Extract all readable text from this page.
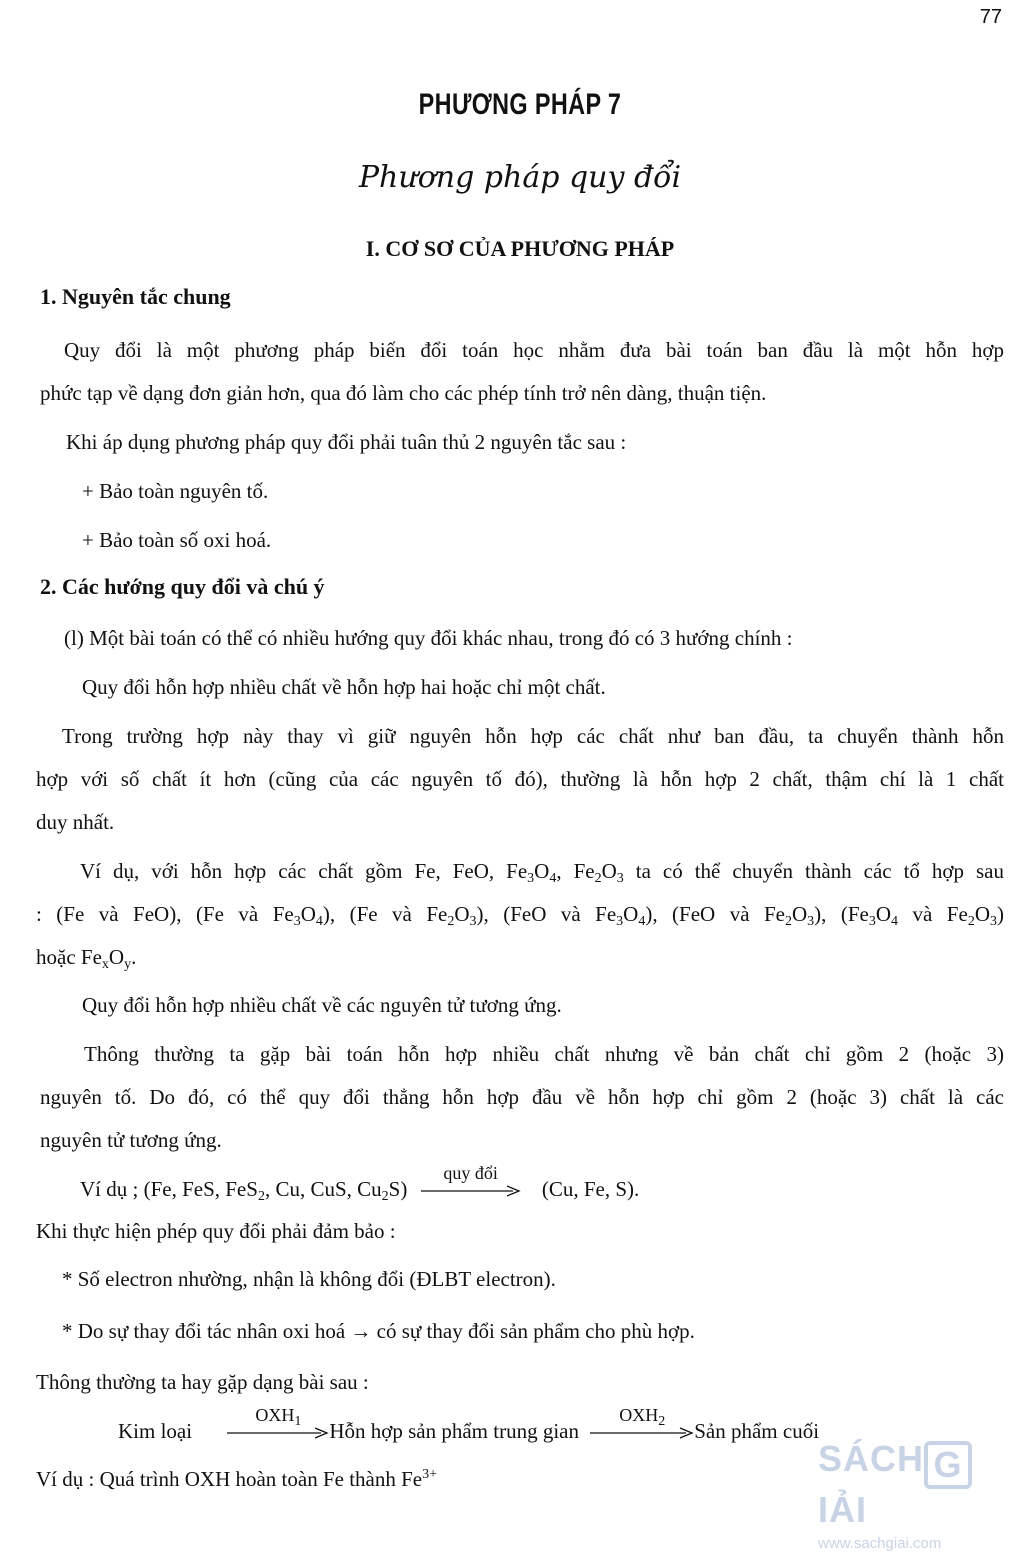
77
PHƯƠNG PHÁP 7
Phương pháp quy đổi
I. CƠ SƠ CỦA PHƯƠNG PHÁP
1. Nguyên tắc chung
Quy đổi là một phương pháp biến đổi toán học nhằm đưa bài toán ban đầu là một hỗn hợp
phức tạp về dạng đơn giản hơn, qua đó làm cho các phép tính trở nên dàng, thuận tiện.
Khi áp dụng phương pháp quy đổi phải tuân thủ 2 nguyên tắc sau :
+ Bảo toàn nguyên tố.
+ Bảo toàn số oxi hoá.
2. Các hướng quy đổi và chú ý
(l) Một bài toán có thể có nhiều hướng quy đổi khác nhau, trong đó có 3 hướng chính :
Quy đổi hỗn hợp nhiều chất về hỗn hợp hai hoặc chỉ một chất.
Trong trường hợp này thay vì giữ nguyên hỗn hợp các chất như ban đầu, ta chuyển thành hỗn
hợp với số chất ít hơn (cũng của các nguyên tố đó), thường là hỗn hợp 2 chất, thậm chí là 1 chất
duy nhất.
Ví dụ, với hỗn hợp các chất gồm Fe, FeO, $Fe_3O_4$, $Fe_2O_3$ ta có thể chuyển thành các tổ hợp sau
: (Fe và FeO), (Fe và $Fe_3O_4$), (Fe và $Fe_2O_3$), (FeO và $Fe_3O_4$), (FeO và $Fe_2O_3$), ($Fe_3O_4$ và $Fe_2O_3$)
hoặc $Fe_xO_y$.
Quy đổi hỗn hợp nhiều chất về các nguyên tử tương ứng.
Thông thường ta gặp bài toán hỗn hợp nhiều chất nhưng về bản chất chỉ gồm 2 (hoặc 3)
nguyên tố. Do đó, có thể quy đổi thẳng hỗn hợp đầu về hỗn hợp chỉ gồm 2 (hoặc 3) chất là các
nguyên tử tương ứng.
Ví dụ ; (Fe, FeS, FeS$_2$, Cu, CuS, $Cu_2S$)
quy đổi
(Cu, Fe, S).
Khi thực hiện phép quy đổi phải đảm bảo :
* Số electron nhường, nhận là không đổi (ĐLBT electron).
* Do sự thay đổi tác nhân oxi hoá → có sự thay đổi sản phẩm cho phù hợp.
Thông thường ta hay gặp dạng bài sau :
Kim loại
$OXH_1$	Hỗn hợp sản phẩm trung gian
$OXH_2$	Sản phẩm cuối
Ví dụ : Quá trình OXH hoàn toàn Fe thành $Fe^{3+}$	SÁCH GIẢI
www.sachgiai.com
